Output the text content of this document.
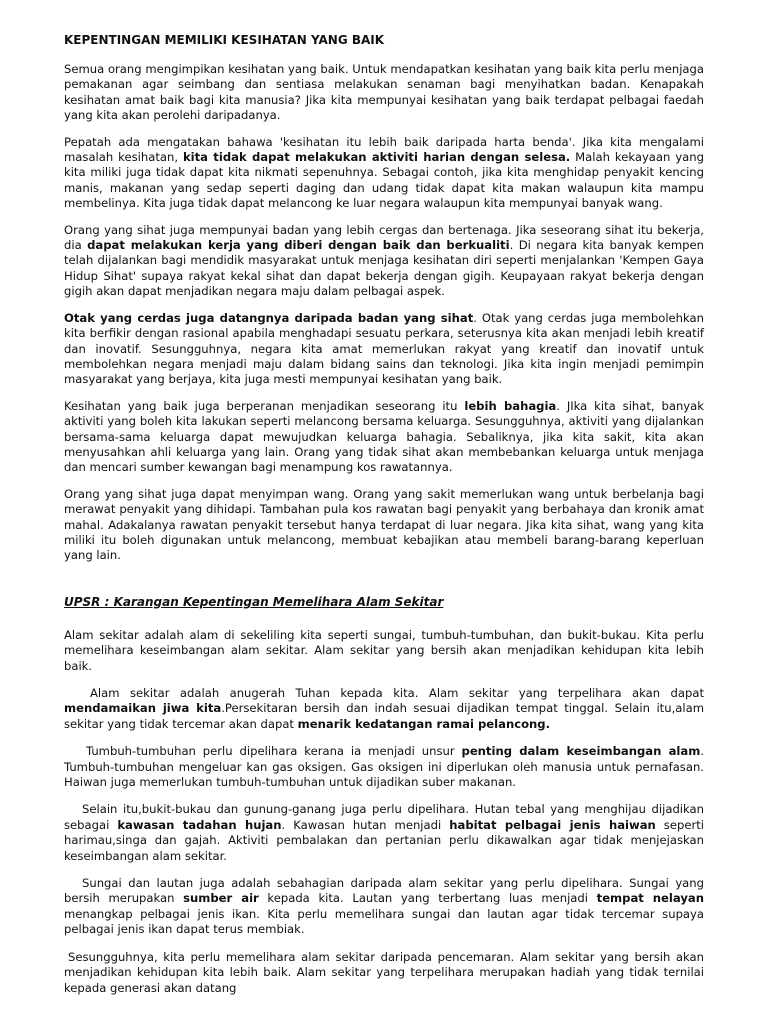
KEPENTINGAN MEMILIKI KESIHATAN YANG BAIK

Semua orang mengimpikan kesihatan yang baik. Untuk mendapatkan kesihatan yang baik kita perlu menjaga pemakanan agar seimbang dan sentiasa melakukan senaman bagi menyihatkan badan. Kenapakah kesihatan amat baik bagi kita manusia? Jika kita mempunyai kesihatan yang baik terdapat pelbagai faedah yang kita akan perolehi daripadanya.

Pepatah ada mengatakan bahawa 'kesihatan itu lebih baik daripada harta benda'. Jika kita mengalami masalah kesihatan, kita tidak dapat melakukan aktiviti harian dengan selesa. Malah kekayaan yang kita miliki juga tidak dapat kita nikmati sepenuhnya. Sebagai contoh, jika kita menghidap penyakit kencing manis, makanan yang sedap seperti daging dan udang tidak dapat kita makan walaupun kita mampu membelinya. Kita juga tidak dapat melancong ke luar negara walaupun kita mempunyai banyak wang.

Orang yang sihat juga mempunyai badan yang lebih cergas dan bertenaga. Jika seseorang sihat itu bekerja, dia dapat melakukan kerja yang diberi dengan baik dan berkualiti. Di negara kita banyak kempen telah dijalankan bagi mendidik masyarakat untuk menjaga kesihatan diri seperti menjalankan 'Kempen Gaya Hidup Sihat' supaya rakyat kekal sihat dan dapat bekerja dengan gigih. Keupayaan rakyat bekerja dengan gigih akan dapat menjadikan negara maju dalam pelbagai aspek.

Otak yang cerdas juga datangnya daripada badan yang sihat. Otak yang cerdas juga membolehkan kita berfikir dengan rasional apabila menghadapi sesuatu perkara, seterusnya kita akan menjadi lebih kreatif dan inovatif. Sesungguhnya, negara kita amat memerlukan rakyat yang kreatif dan inovatif untuk membolehkan negara menjadi maju dalam bidang sains dan teknologi. Jika kita ingin menjadi pemimpin masyarakat yang berjaya, kita juga mesti mempunyai kesihatan yang baik.

Kesihatan yang baik juga berperanan menjadikan seseorang itu lebih bahagia. JIka kita sihat, banyak aktiviti yang boleh kita lakukan seperti melancong bersama keluarga. Sesungguhnya, aktiviti yang dijalankan bersama-sama keluarga dapat mewujudkan keluarga bahagia. Sebaliknya, jika kita sakit, kita akan menyusahkan ahli keluarga yang lain. Orang yang tidak sihat akan membebankan keluarga untuk menjaga dan mencari sumber kewangan bagi menampung kos rawatannya.

Orang yang sihat juga dapat menyimpan wang. Orang yang sakit memerlukan wang untuk berbelanja bagi merawat penyakit yang dihidapi. Tambahan pula kos rawatan bagi penyakit yang berbahaya dan kronik amat mahal. Adakalanya rawatan penyakit tersebut hanya terdapat di luar negara. Jika kita sihat, wang yang kita miliki itu boleh digunakan untuk melancong, membuat kebajikan atau membeli barang-barang keperluan yang lain.

UPSR : Karangan Kepentingan Memelihara Alam Sekitar

Alam sekitar adalah alam di sekeliling kita seperti sungai, tumbuh-tumbuhan, dan bukit-bukau. Kita perlu memelihara keseimbangan alam sekitar. Alam sekitar yang bersih akan menjadikan kehidupan kita lebih baik.

Alam sekitar adalah anugerah Tuhan kepada kita. Alam sekitar yang terpelihara akan dapat mendamaikan jiwa kita.Persekitaran bersih dan indah sesuai dijadikan tempat tinggal. Selain itu,alam sekitar yang tidak tercemar akan dapat menarik kedatangan ramai pelancong.

Tumbuh-tumbuhan perlu dipelihara kerana ia menjadi unsur penting dalam keseimbangan alam. Tumbuh-tumbuhan mengeluar kan gas oksigen. Gas oksigen ini diperlukan oleh manusia untuk pernafasan. Haiwan juga memerlukan tumbuh-tumbuhan untuk dijadikan suber makanan.

Selain itu,bukit-bukau dan gunung-ganang juga perlu dipelihara. Hutan tebal yang menghijau dijadikan sebagai kawasan tadahan hujan. Kawasan hutan menjadi habitat pelbagai jenis haiwan seperti harimau,singa dan gajah. Aktiviti pembalakan dan pertanian perlu dikawalkan agar tidak menjejaskan keseimbangan alam sekitar.

Sungai dan lautan juga adalah sebahagian daripada alam sekitar yang perlu dipelihara. Sungai yang bersih merupakan sumber air kepada kita. Lautan yang terbertang luas menjadi tempat nelayan menangkap pelbagai jenis ikan. Kita perlu memelihara sungai dan lautan agar tidak tercemar supaya pelbagai jenis ikan dapat terus membiak.

Sesungguhnya, kita perlu memelihara alam sekitar daripada pencemaran. Alam sekitar yang bersih akan menjadikan kehidupan kita lebih baik. Alam sekitar yang terpelihara merupakan hadiah yang tidak ternilai kepada generasi akan datang
